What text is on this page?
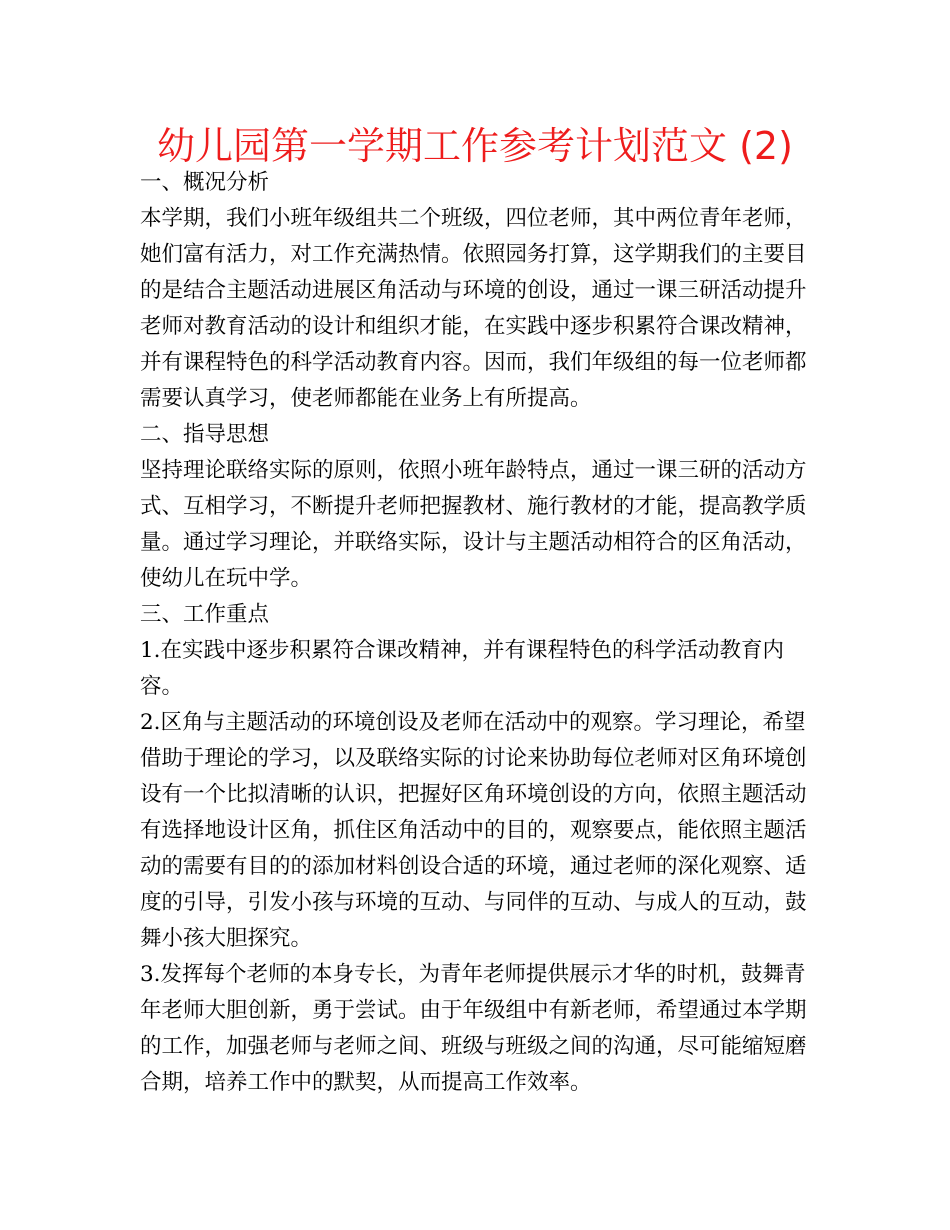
幼儿园第一学期工作参考计划范文 (2)

一、概况分析

本学期，我们小班年级组共二个班级，四位老师，其中两位青年老师，她们富有活力，对工作充满热情。依照园务打算，这学期我们的主要目的是结合主题活动进展区角活动与环境的创设，通过一课三研活动提升老师对教育活动的设计和组织才能，在实践中逐步积累符合课改精神，并有课程特色的科学活动教育内容。因而，我们年级组的每一位老师都需要认真学习，使老师都能在业务上有所提高。

二、指导思想

坚持理论联络实际的原则，依照小班年龄特点，通过一课三研的活动方式、互相学习，不断提升老师把握教材、施行教材的才能，提高教学质量。通过学习理论，并联络实际，设计与主题活动相符合的区角活动，使幼儿在玩中学。

三、工作重点

1.在实践中逐步积累符合课改精神，并有课程特色的科学活动教育内容。

2.区角与主题活动的环境创设及老师在活动中的观察。学习理论，希望借助于理论的学习，以及联络实际的讨论来协助每位老师对区角环境创设有一个比拟清晰的认识，把握好区角环境创设的方向，依照主题活动有选择地设计区角，抓住区角活动中的目的，观察要点，能依照主题活动的需要有目的的添加材料创设合适的环境，通过老师的深化观察、适度的引导，引发小孩与环境的互动、与同伴的互动、与成人的互动，鼓舞小孩大胆探究。

3.发挥每个老师的本身专长，为青年老师提供展示才华的时机，鼓舞青年老师大胆创新，勇于尝试。由于年级组中有新老师，希望通过本学期的工作，加强老师与老师之间、班级与班级之间的沟通，尽可能缩短磨合期，培养工作中的默契，从而提高工作效率。
